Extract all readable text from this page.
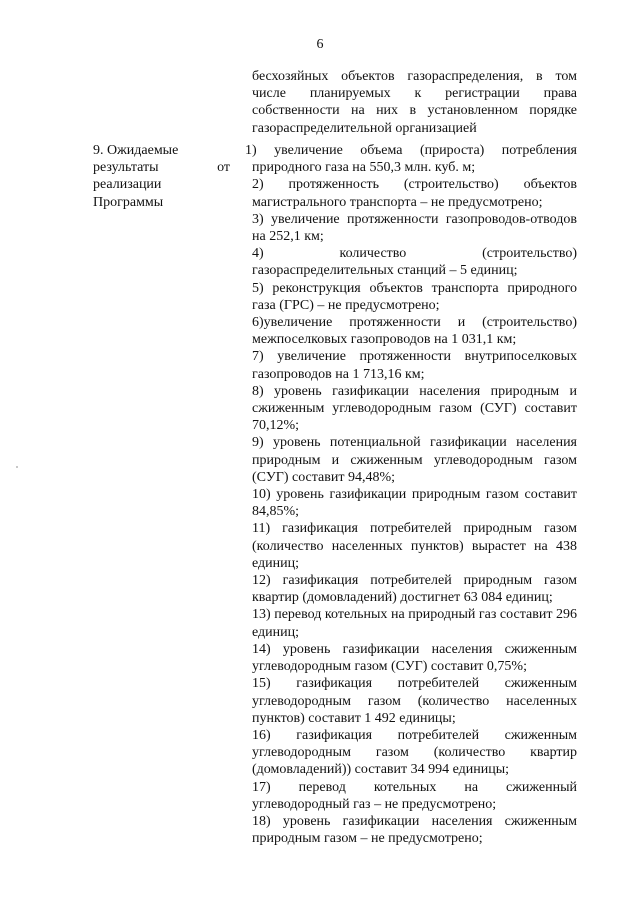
6
бесхозяйных объектов газораспределения, в том числе планируемых к регистрации права собственности на них в установленном порядке газораспределительной организацией
9. Ожидаемые
результаты	от
реализации
Программы

1) увеличение объема (прироста) потребления природного газа на 550,3 млн. куб. м;

2) протяженность (строительство) объектов магистрального транспорта – не предусмотрено;

3) увеличение протяженности газопроводов-отводов на 252,1 км;

4) количество (строительство) газораспределительных станций – 5 единиц;

5) реконструкция объектов транспорта природного газа (ГРС) – не предусмотрено;

6)увеличение протяженности и (строительство) межпоселковых газопроводов на 1 031,1 км;

7) увеличение протяженности внутрипоселковых газопроводов на 1 713,16 км;

8) уровень газификации населения природным и сжиженным углеводородным газом (СУГ) составит 70,12%;

9) уровень потенциальной газификации населения природным и сжиженным углеводородным газом (СУГ) составит 94,48%;

10) уровень газификации природным газом составит 84,85%;

11) газификация потребителей природным газом (количество населенных пунктов) вырастет на 438 единиц;

12) газификация потребителей природным газом квартир (домовладений) достигнет 63 084 единиц;

13) перевод котельных на природный газ составит 296 единиц;

14) уровень газификации населения сжиженным углеводородным газом (СУГ) составит 0,75%;

15) газификация потребителей сжиженным углеводородным газом (количество населенных пунктов) составит 1 492 единицы;

16) газификация потребителей сжиженным углеводородным газом (количество квартир (домовладений)) составит 34 994 единицы;

17) перевод котельных на сжиженный углеводородный газ – не предусмотрено;

18) уровень газификации населения сжиженным природным газом – не предусмотрено;
